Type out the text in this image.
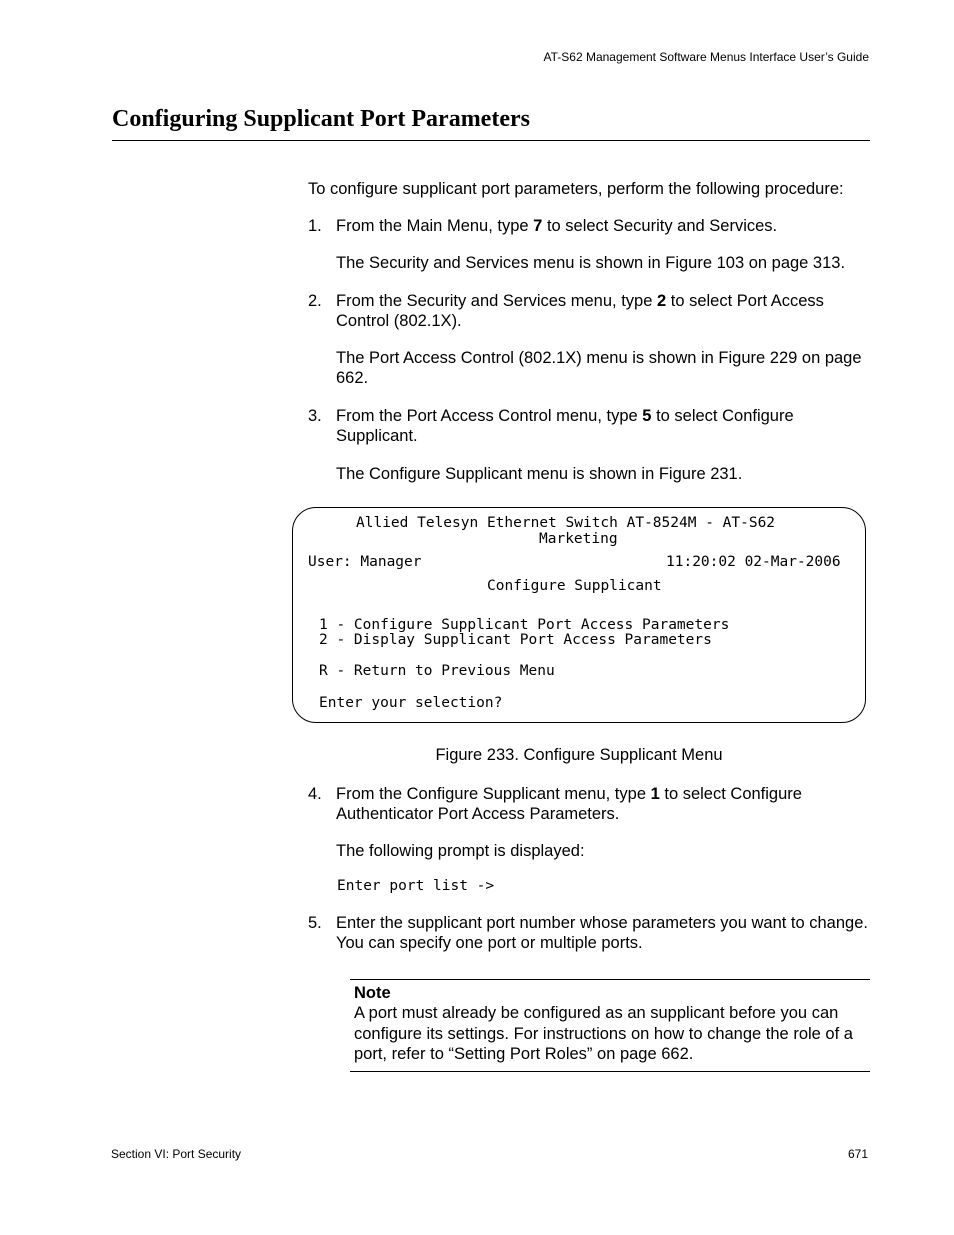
AT-S62 Management Software Menus Interface User’s Guide
Configuring Supplicant Port Parameters
To configure supplicant port parameters, perform the following procedure:
1. From the Main Menu, type 7 to select Security and Services.
The Security and Services menu is shown in Figure 103 on page 313.
2. From the Security and Services menu, type 2 to select Port Access Control (802.1X).
The Port Access Control (802.1X) menu is shown in Figure 229 on page 662.
3. From the Port Access Control menu, type 5 to select Configure Supplicant.
The Configure Supplicant menu is shown in Figure 231.
Allied Telesyn Ethernet Switch AT-8524M - AT-S62
Marketing
User: Manager	11:20:02 02-Mar-2006
Configure Supplicant
1 - Configure Supplicant Port Access Parameters
2 - Display Supplicant Port Access Parameters
R - Return to Previous Menu
Enter your selection?
Figure 233. Configure Supplicant Menu
4. From the Configure Supplicant menu, type 1 to select Configure Authenticator Port Access Parameters.
The following prompt is displayed:
Enter port list ->
5. Enter the supplicant port number whose parameters you want to change. You can specify one port or multiple ports.
Note
A port must already be configured as an supplicant before you can configure its settings. For instructions on how to change the role of a port, refer to “Setting Port Roles” on page 662.
Section VI: Port Security	671
